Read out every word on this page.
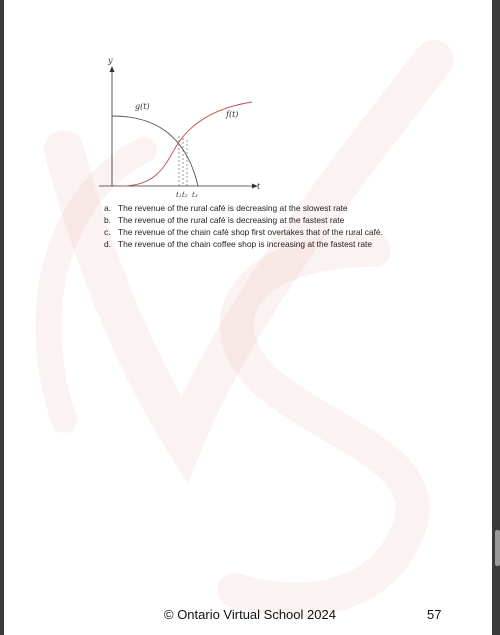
y
t
g(t)
f(t)
t₁ t₂ t₃
a. The revenue of the rural café is decreasing at the slowest rate
b. The revenue of the rural café is decreasing at the fastest rate
c. The revenue of the chain café shop first overtakes that of the rural café.
d. The revenue of the chain coffee shop is increasing at the fastest rate
© Ontario Virtual School 2024	57
